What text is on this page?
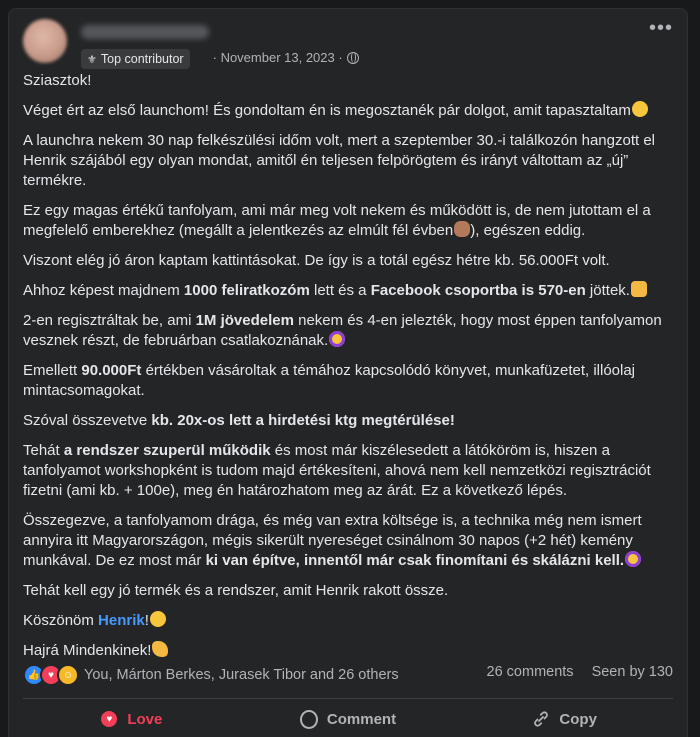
⚜ Top contributor · November 13, 2023 ·
•••

Sziasztok!

Véget ért az első launchom! És gondoltam én is megosztanék pár dolgot, amit tapasztaltam

A launchra nekem 30 nap felkészülési időm volt, mert a szeptember 30.-i találkozón hangzott el Henrik szájából egy olyan mondat, amitől én teljesen felpörögtem és irányt váltottam az „új” termékre.

Ez egy magas értékű tanfolyam, ami már meg volt nekem és működött is, de nem jutottam el a megfelelő emberekhez (megállt a jelentkezés az elmúlt fél évben ), egészen eddig.

Viszont elég jó áron kaptam kattintásokat. De így is a totál egész hétre kb. 56.000Ft volt.

Ahhoz képest majdnem 1000 feliratkozóm lett és a Facebook csoportba is 570-en jöttek.

2-en regisztráltak be, ami 1M jövedelem nekem és 4-en jelezték, hogy most éppen tanfolyamon vesznek részt, de februárban csatlakoznának.

Emellett 90.000Ft értékben vásároltak a témához kapcsolódó könyvet, munkafüzetet, illóolaj mintacsomagokat.

Szóval összevetve kb. 20x-os lett a hirdetési ktg megtérülése!

Tehát a rendszer szuperül működik és most már kiszélesedett a látóköröm is, hiszen a tanfolyamot workshopként is tudom majd értékesíteni, ahová nem kell nemzetközi regisztrációt fizetni (ami kb. + 100e), meg én határozhatom meg az árát. Ez a következő lépés.

Összegezve, a tanfolyamom drága, és még van extra költsége is, a technika még nem ismert annyira itt Magyarországon, mégis sikerült nyereséget csinálnom 30 napos (+2 hét) kemény munkával. De ez most már ki van építve, innentől már csak finomítani és skálázni kell.

Tehát kell egy jó termék és a rendszer, amit Henrik rakott össze.

Köszönöm Henrik!

Hajrá Mindenkinek!

👍 ♥ ☺ You, Márton Berkes, Jurasek Tibor and 26 others	26 comments Seen by 130
♥	Love	Comment	Copy
